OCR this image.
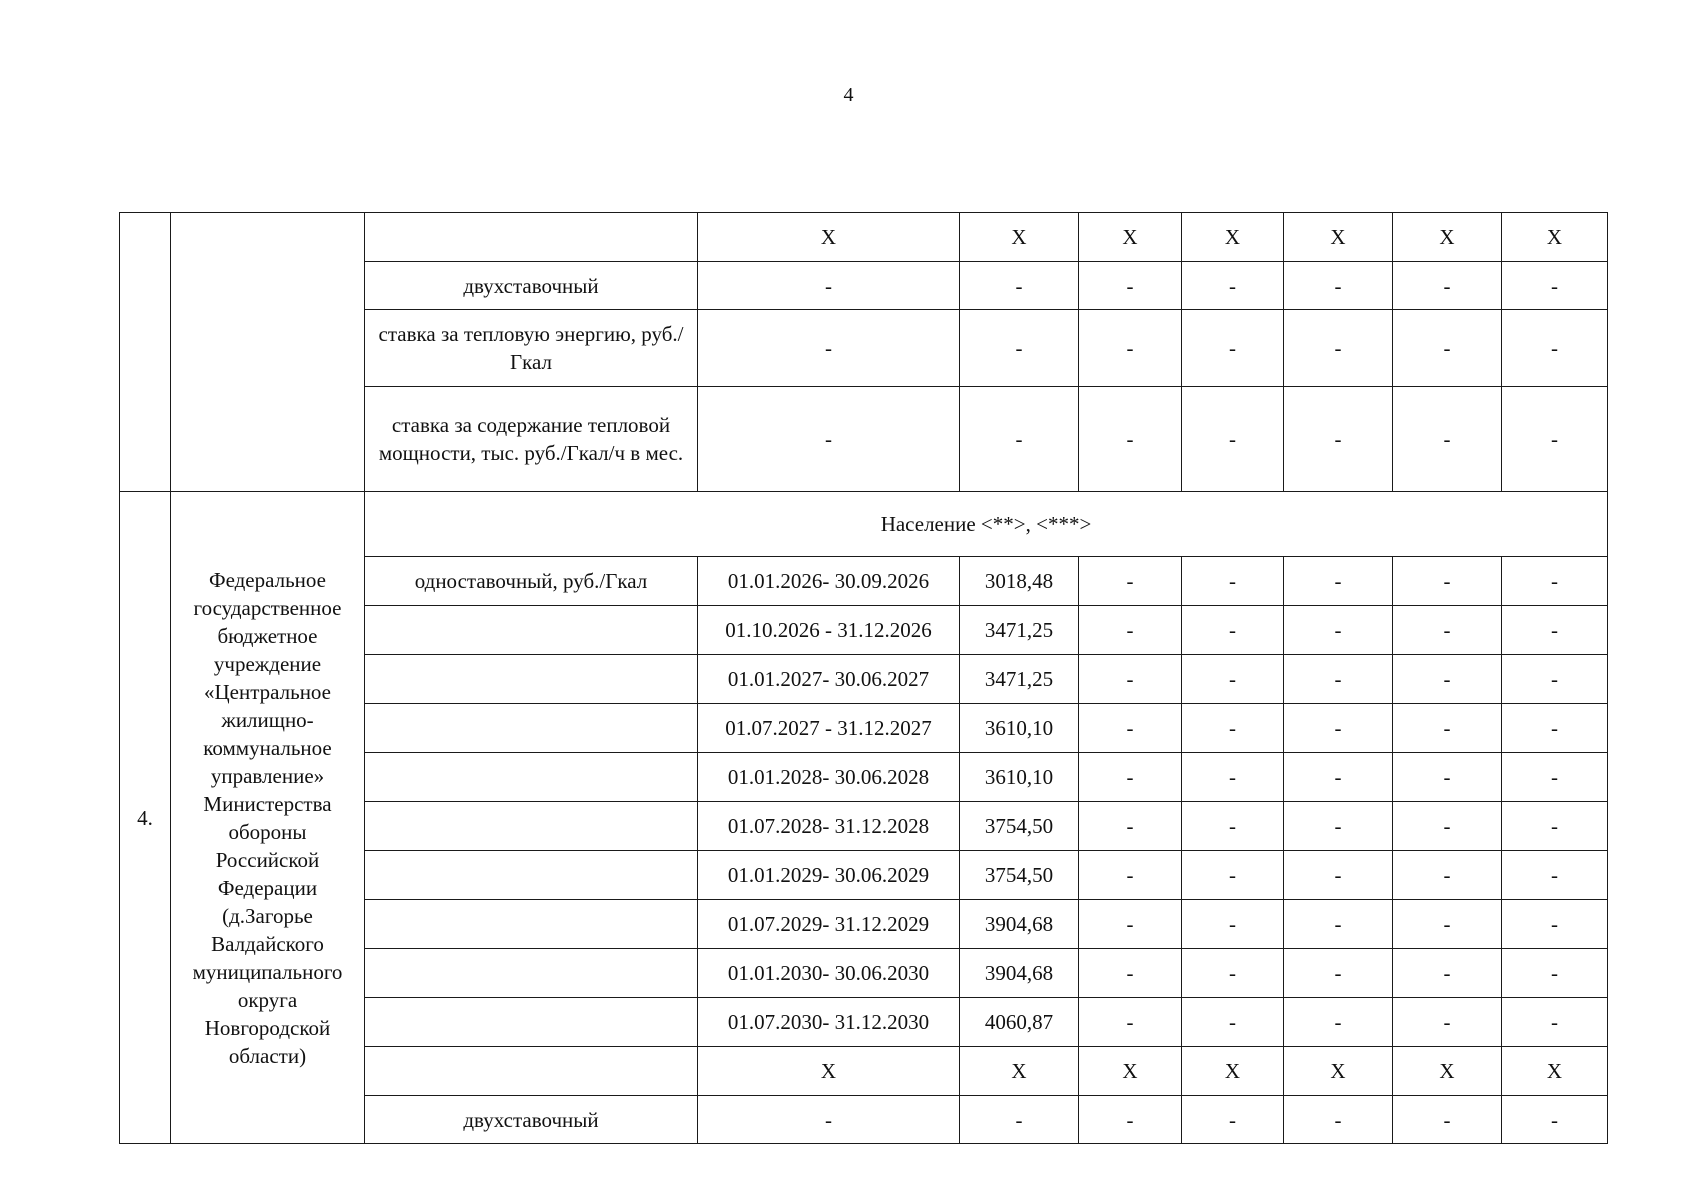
4
			Х	Х	Х	Х	Х	Х	Х
		двухставочный	-	-	-	-	-	-	-
		ставка за тепловую энергию, руб./Гкал	-	-	-	-	-	-	-
		ставка за содержание тепловой мощности, тыс. руб./Гкал/ч в мес.	-	-	-	-	-	-	-
4.	Федеральное государственное бюджетное учреждение «Центральное жилищно-коммунальное управление» Министерства обороны Российской Федерации (д.Загорье Валдайского муниципального округа Новгородской области)	Население <**>, <***>							
		одноставочный, руб./Гкал	01.01.2026- 30.09.2026	3018,48	-	-	-	-	-
			01.10.2026 - 31.12.2026	3471,25	-	-	-	-	-
			01.01.2027- 30.06.2027	3471,25	-	-	-	-	-
			01.07.2027 - 31.12.2027	3610,10	-	-	-	-	-
			01.01.2028- 30.06.2028	3610,10	-	-	-	-	-
			01.07.2028- 31.12.2028	3754,50	-	-	-	-	-
			01.01.2029- 30.06.2029	3754,50	-	-	-	-	-
			01.07.2029- 31.12.2029	3904,68	-	-	-	-	-
			01.01.2030- 30.06.2030	3904,68	-	-	-	-	-
			01.07.2030- 31.12.2030	4060,87	-	-	-	-	-
			Х	Х	Х	Х	Х	Х	Х
		двухставочный	-	-	-	-	-	-	-
